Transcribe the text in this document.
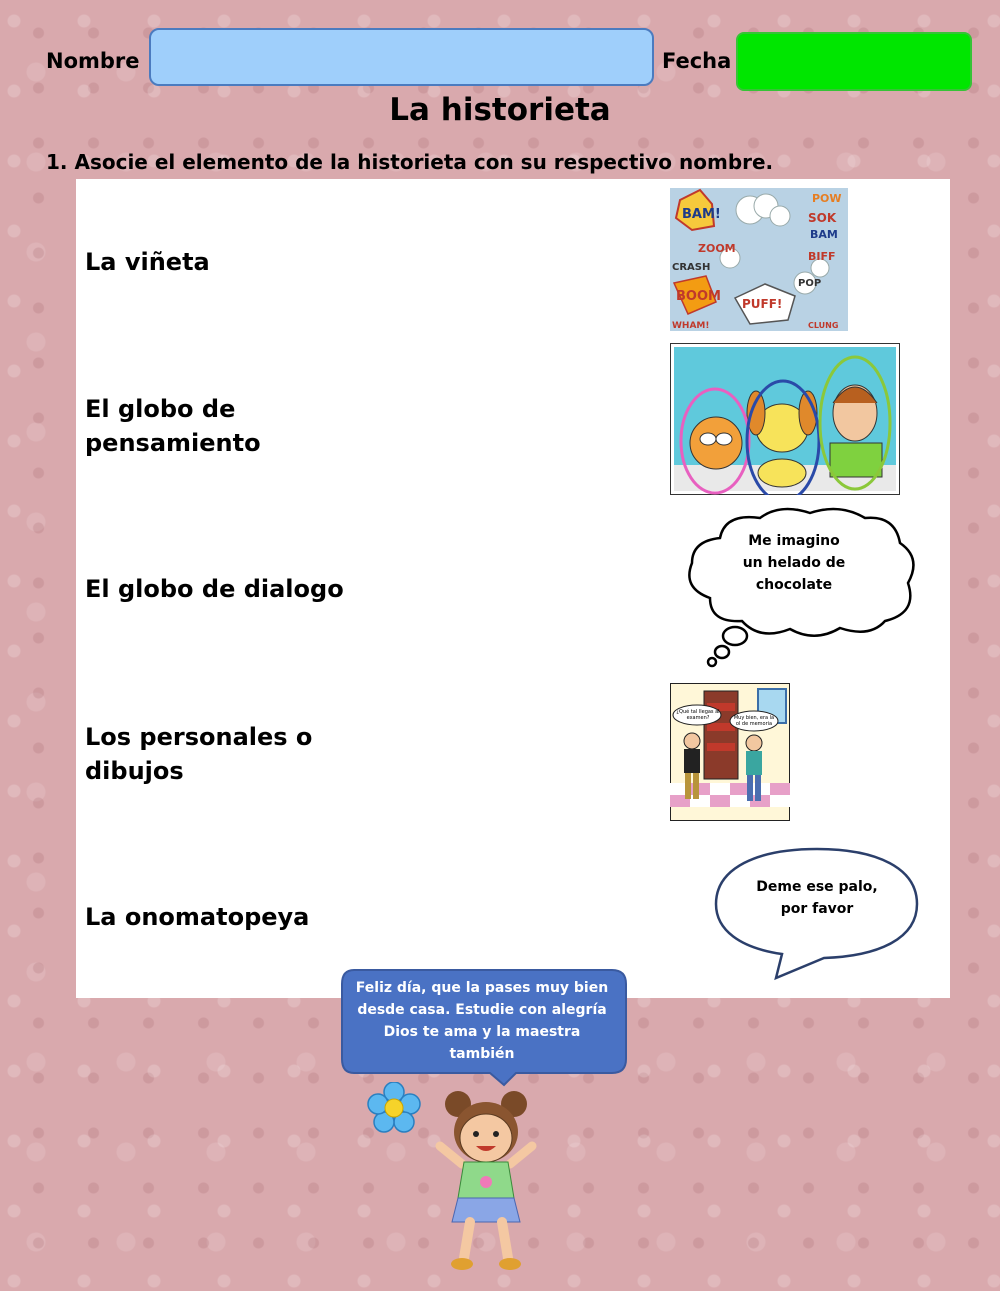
Nombre	Fecha
La historieta
1. Asocie el elemento de la historieta con su respectivo nombre.
La viñeta
El globo de pensamiento
El globo de dialogo
Los personales o dibujos
La onomatopeya
BAM!
POW
SOK
BAM
ZOOM
CRASH
BIFF
BOOM PUFF!
POP
WHAM!	CLUNG
Me imagino un helado de chocolate
¿Qué tal llegas al examen?	Muy bien, era la ol de memoria
Deme ese palo, por favor
Feliz día, que la pases muy bien desde casa. Estudie con alegría Dios te ama y la maestra también
